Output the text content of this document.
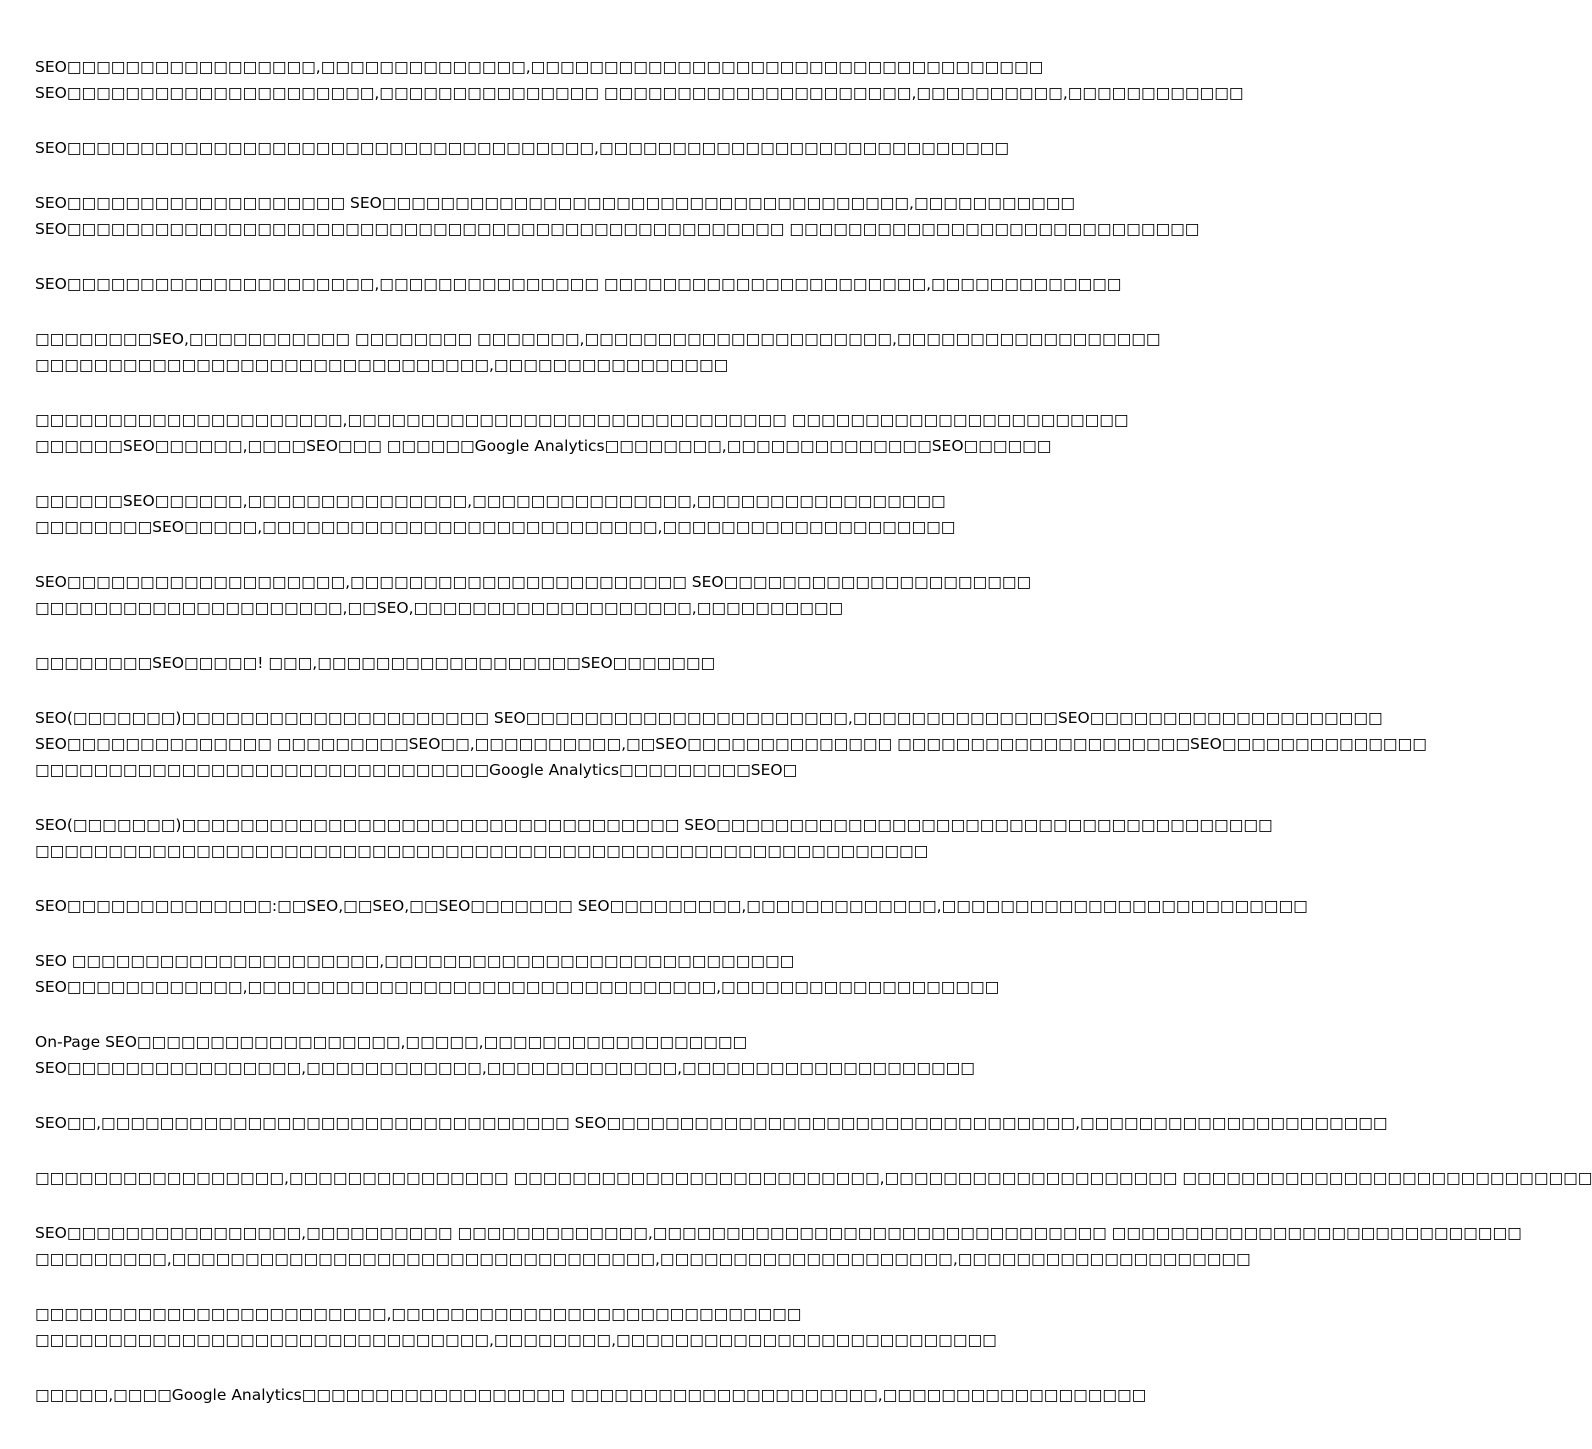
SEO□□□□□□□□□□□□□□□□□,□□□□□□□□□□□□□□,□□□□□□□□□□□□□□□□□□□□□□□□□□□□□□□□□□□
SEO□□□□□□□□□□□□□□□□□□□□□,□□□□□□□□□□□□□□□ □□□□□□□□□□□□□□□□□□□□□,□□□□□□□□□□,□□□□□□□□□□□□
SEO□□□□□□□□□□□□□□□□□□□□□□□□□□□□□□□□□□□□,□□□□□□□□□□□□□□□□□□□□□□□□□□□□
SEO□□□□□□□□□□□□□□□□□□□ SEO□□□□□□□□□□□□□□□□□□□□□□□□□□□□□□□□□□□□,□□□□□□□□□□□
SEO□□□□□□□□□□□□□□□□□□□□□□□□□□□□□□□□□□□□□□□□□□□□□□□□□ □□□□□□□□□□□□□□□□□□□□□□□□□□□□
SEO□□□□□□□□□□□□□□□□□□□□□,□□□□□□□□□□□□□□□ □□□□□□□□□□□□□□□□□□□□□□,□□□□□□□□□□□□□
□□□□□□□□SEO,□□□□□□□□□□□ □□□□□□□□ □□□□□□□,□□□□□□□□□□□□□□□□□□□□□,□□□□□□□□□□□□□□□□□□
□□□□□□□□□□□□□□□□□□□□□□□□□□□□□□□,□□□□□□□□□□□□□□□□
□□□□□□□□□□□□□□□□□□□□□,□□□□□□□□□□□□□□□□□□□□□□□□□□□□□□ □□□□□□□□□□□□□□□□□□□□□□□
□□□□□□SEO□□□□□□,□□□□SEO□□□ □□□□□□Google Analytics□□□□□□□□,□□□□□□□□□□□□□□SEO□□□□□□
□□□□□□SEO□□□□□□,□□□□□□□□□□□□□□□,□□□□□□□□□□□□□□□,□□□□□□□□□□□□□□□□□
□□□□□□□□SEO□□□□□,□□□□□□□□□□□□□□□□□□□□□□□□□□□,□□□□□□□□□□□□□□□□□□□□
SEO□□□□□□□□□□□□□□□□□□□,□□□□□□□□□□□□□□□□□□□□□□□ SEO□□□□□□□□□□□□□□□□□□□□□
□□□□□□□□□□□□□□□□□□□□□,□□SEO,□□□□□□□□□□□□□□□□□□□,□□□□□□□□□□
□□□□□□□□SEO□□□□□! □□□,□□□□□□□□□□□□□□□□□□SEO□□□□□□□
SEO(□□□□□□□)□□□□□□□□□□□□□□□□□□□□□ SEO□□□□□□□□□□□□□□□□□□□□□□,□□□□□□□□□□□□□□SEO□□□□□□□□□□□□□□□□□□□□
SEO□□□□□□□□□□□□□□ □□□□□□□□□SEO□□,□□□□□□□□□□,□□SEO□□□□□□□□□□□□□□ □□□□□□□□□□□□□□□□□□□□SEO□□□□□□□□□□□□□□
□□□□□□□□□□□□□□□□□□□□□□□□□□□□□□□Google Analytics□□□□□□□□□SEO□
SEO(□□□□□□□)□□□□□□□□□□□□□□□□□□□□□□□□□□□□□□□□□□ SEO□□□□□□□□□□□□□□□□□□□□□□□□□□□□□□□□□□□□□□
□□□□□□□□□□□□□□□□□□□□□□□□□□□□□□□□□□□□□□□□□□□□□□□□□□□□□□□□□□□□□
SEO□□□□□□□□□□□□□□:□□SEO,□□SEO,□□SEO□□□□□□□ SEO□□□□□□□□□,□□□□□□□□□□□□□,□□□□□□□□□□□□□□□□□□□□□□□□□
SEO □□□□□□□□□□□□□□□□□□□□□,□□□□□□□□□□□□□□□□□□□□□□□□□□□□
SEO□□□□□□□□□□□□,□□□□□□□□□□□□□□□□□□□□□□□□□□□□□□□□,□□□□□□□□□□□□□□□□□□□
On-Page SEO□□□□□□□□□□□□□□□□□□,□□□□□,□□□□□□□□□□□□□□□□□□
SEO□□□□□□□□□□□□□□□□,□□□□□□□□□□□□,□□□□□□□□□□□□□,□□□□□□□□□□□□□□□□□□□□
SEO□□,□□□□□□□□□□□□□□□□□□□□□□□□□□□□□□□□ SEO□□□□□□□□□□□□□□□□□□□□□□□□□□□□□□□□,□□□□□□□□□□□□□□□□□□□□□
□□□□□□□□□□□□□□□□□,□□□□□□□□□□□□□□□ □□□□□□□□□□□□□□□□□□□□□□□□□,□□□□□□□□□□□□□□□□□□□□ □□□□□□□□□□□□□□□□□□□□□□□□□□□□
SEO□□□□□□□□□□□□□□□□,□□□□□□□□□□ □□□□□□□□□□□□□,□□□□□□□□□□□□□□□□□□□□□□□□□□□□□□□ □□□□□□□□□□□□□□□□□□□□□□□□□□□□
□□□□□□□□□,□□□□□□□□□□□□□□□□□□□□□□□□□□□□□□□□□,□□□□□□□□□□□□□□□□□□□□,□□□□□□□□□□□□□□□□□□□□
□□□□□□□□□□□□□□□□□□□□□□□□,□□□□□□□□□□□□□□□□□□□□□□□□□□□□
□□□□□□□□□□□□□□□□□□□□□□□□□□□□□□□,□□□□□□□□,□□□□□□□□□□□□□□□□□□□□□□□□□□
□□□□□,□□□□Google Analytics□□□□□□□□□□□□□□□□□□ □□□□□□□□□□□□□□□□□□□□□,□□□□□□□□□□□□□□□□□□
